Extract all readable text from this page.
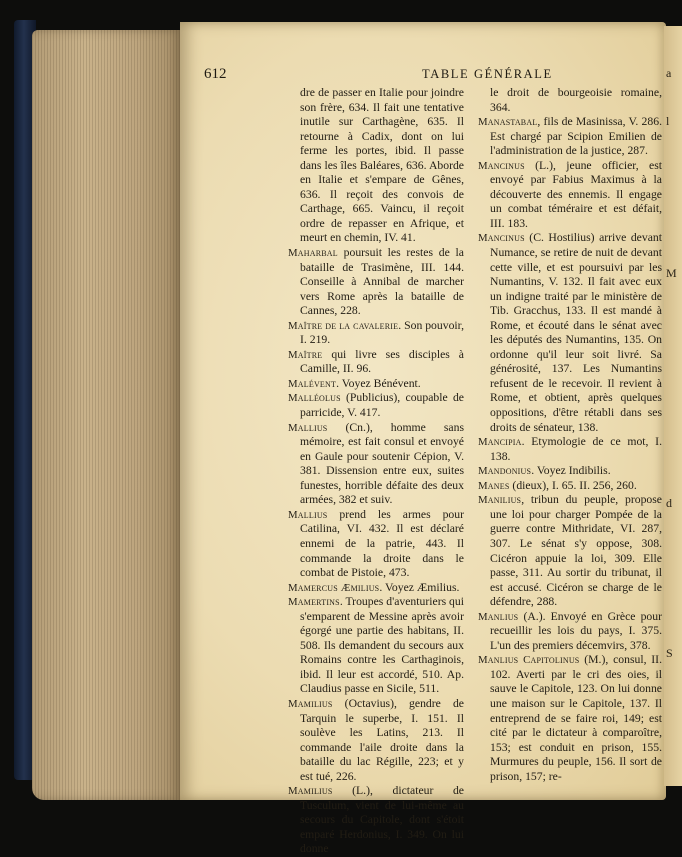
a
l
M
d
S
612	TABLE GÉNÉRALE

dre de passer en Italie pour joindre son frère, 634. Il fait une tentative inutile sur Carthagène, 635. Il retourne à Cadix, dont on lui ferme les portes, ibid. Il passe dans les îles Baléares, 636. Aborde en Italie et s'empare de Gênes, 636. Il reçoit des convois de Carthage, 665. Vaincu, il reçoit ordre de repasser en Afrique, et meurt en chemin, IV. 41.

Maharbal poursuit les restes de la bataille de Trasimène, III. 144. Conseille à Annibal de marcher vers Rome après la bataille de Cannes, 228.

Maître de la cavalerie. Son pouvoir, I. 219.

Maître qui livre ses disciples à Camille, II. 96.

Malévent. Voyez Bénévent.

Malléolus (Publicius), coupable de parricide, V. 417.

Mallius (Cn.), homme sans mémoire, est fait consul et envoyé en Gaule pour soutenir Cépion, V. 381. Dissension entre eux, suites funestes, horrible défaite des deux armées, 382 et suiv.

Mallius prend les armes pour Catilina, VI. 432. Il est déclaré ennemi de la patrie, 443. Il commande la droite dans le combat de Pistoie, 473.

Mamercus Æmilius. Voyez Æmilius.

Mamertins. Troupes d'aventuriers qui s'emparent de Messine après avoir égorgé une partie des habitans, II. 508. Ils demandent du secours aux Romains contre les Carthaginois, ibid. Il leur est accordé, 510. Ap. Claudius passe en Sicile, 511.

Mamilius (Octavius), gendre de Tarquin le superbe, I. 151. Il soulève les Latins, 213. Il commande l'aile droite dans la bataille du lac Régille, 223; et y est tué, 226.

Mamilius (L.), dictateur de Tusculum, vient de lui-même au secours du Capitole, dont s'étoit emparé Herdonius, I. 349. On lui donne

le droit de bourgeoisie romaine, 364.

Manastabal, fils de Masinissa, V. 286. Est chargé par Scipion Emilien de l'administration de la justice, 287.

Mancinus (L.), jeune officier, est envoyé par Fabius Maximus à la découverte des ennemis. Il engage un combat téméraire et est défait, III. 183.

Mancinus (C. Hostilius) arrive devant Numance, se retire de nuit de devant cette ville, et est poursuivi par les Numantins, V. 132. Il fait avec eux un indigne traité par le ministère de Tib. Gracchus, 133. Il est mandé à Rome, et écouté dans le sénat avec les députés des Numantins, 135. On ordonne qu'il leur soit livré. Sa générosité, 137. Les Numantins refusent de le recevoir. Il revient à Rome, et obtient, après quelques oppositions, d'être rétabli dans ses droits de sénateur, 138.

Mancipia. Etymologie de ce mot, I. 138.

Mandonius. Voyez Indibilis.

Manes (dieux), I. 65. II. 256, 260.

Manilius, tribun du peuple, propose une loi pour charger Pompée de la guerre contre Mithridate, VI. 287, 307. Le sénat s'y oppose, 308. Cicéron appuie la loi, 309. Elle passe, 311. Au sortir du tribunat, il est accusé. Cicéron se charge de le défendre, 288.

Manlius (A.). Envoyé en Grèce pour recueillir les lois du pays, I. 375. L'un des premiers décemvirs, 378.

Manlius Capitolinus (M.), consul, II. 102. Averti par le cri des oies, il sauve le Capitole, 123. On lui donne une maison sur le Capitole, 137. Il entreprend de se faire roi, 149; est cité par le dictateur à comparoître, 153; est conduit en prison, 155. Murmures du peuple, 156. Il sort de prison, 157; re-
